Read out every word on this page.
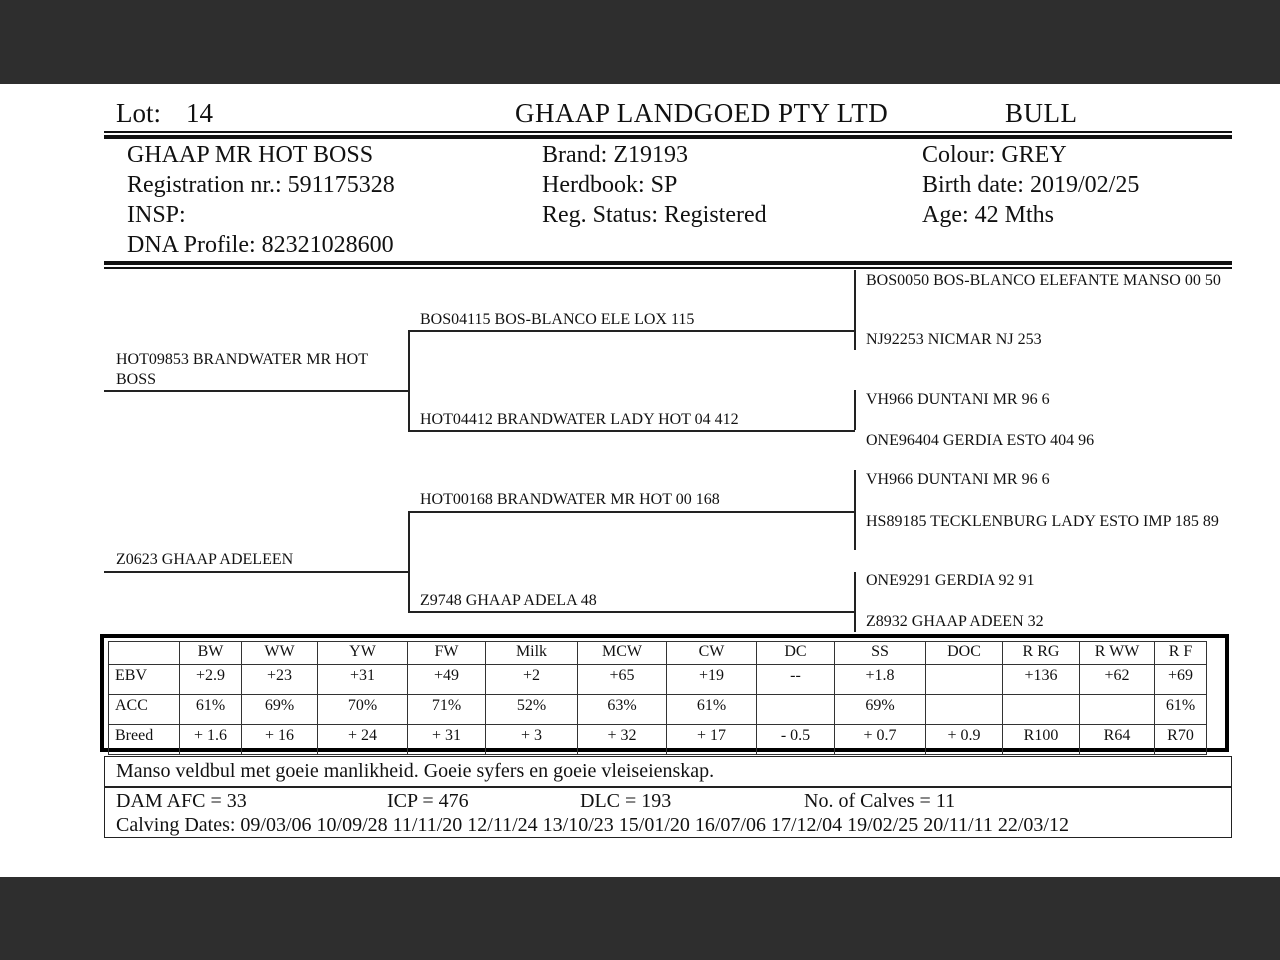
Lot: 14	GHAAP LANDGOED PTY LTD	BULL
GHAAP MR HOT BOSS
Registration nr.: 591175328
INSP:
DNA Profile: 82321028600
Brand: Z19193
Herdbook: SP
Reg. Status: Registered
Colour: GREY
Birth date: 2019/02/25
Age: 42 Mths
HOT09853 BRANDWATER MR HOT BOSS
Z0623 GHAAP ADELEEN
BOS04115 BOS-BLANCO ELE LOX 115
HOT04412 BRANDWATER LADY HOT 04 412
HOT00168 BRANDWATER MR HOT 00 168
Z9748 GHAAP ADELA 48
BOS0050 BOS-BLANCO ELEFANTE MANSO 00 50
NJ92253 NICMAR NJ 253
VH966 DUNTANI MR 96 6
ONE96404 GERDIA ESTO 404 96
VH966 DUNTANI MR 96 6
HS89185 TECKLENBURG LADY ESTO IMP 185 89
ONE9291 GERDIA 92 91
Z8932 GHAAP ADEEN 32
	BW	WW	YW	FW	Milk	MCW	CW	DC	SS	DOC	R RG	R WW	R F
EBV	+2.9	+23	+31	+49	+2	+65	+19	--	+1.8		+136	+62	+69
ACC	61%	69%	70%	71%	52%	63%	61%		69%				61%
Breed	+ 1.6	+ 16	+ 24	+ 31	+ 3	+ 32	+ 17	- 0.5	+ 0.7	+ 0.9	R100	R64	R70
Manso veldbul met goeie manlikheid. Goeie syfers en goeie vleiseienskap.
DAM AFC = 33	ICP = 476	DLC = 193	No. of Calves = 11
Calving Dates: 09/03/06 10/09/28 11/11/20 12/11/24 13/10/23 15/01/20 16/07/06 17/12/04 19/02/25 20/11/11 22/03/12
